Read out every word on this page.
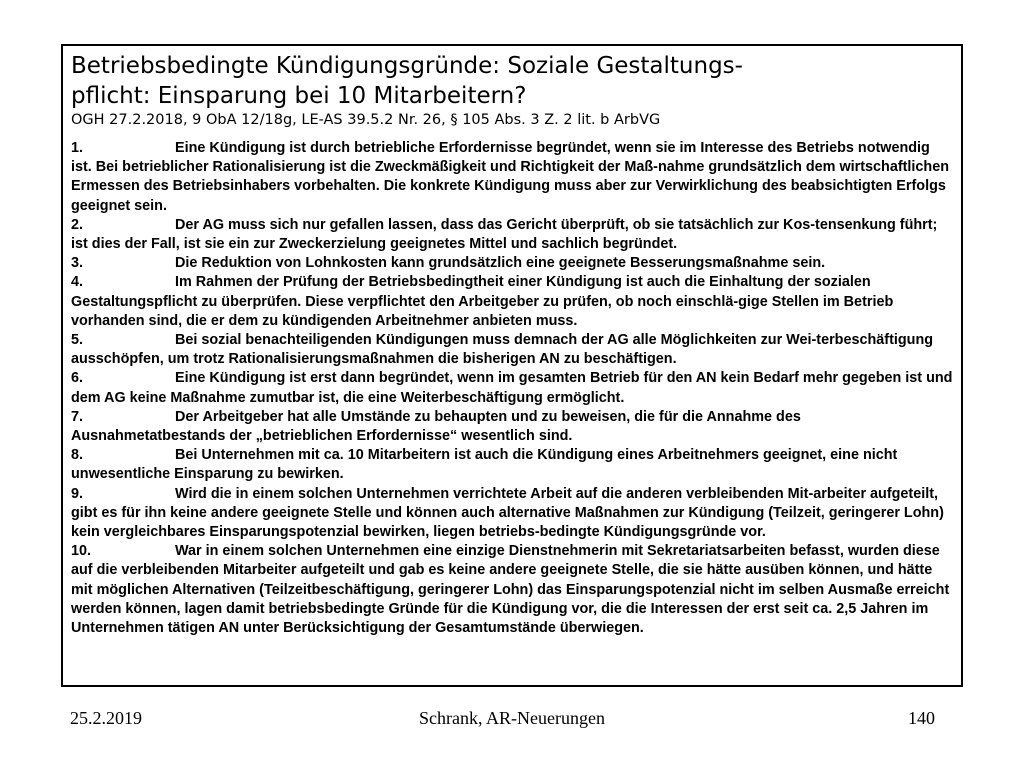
Betriebsbedingte Kündigungsgründe: Soziale Gestaltungs-
pflicht: Einsparung bei 10 Mitarbeitern?
OGH 27.2.2018, 9 ObA 12/18g, LE-AS 39.5.2 Nr. 26, § 105 Abs. 3 Z. 2 lit. b ArbVG

1.	Eine Kündigung ist durch betriebliche Erfordernisse begründet, wenn sie im Interesse des Betriebs notwendig ist. Bei betrieblicher Rationalisierung ist die Zweckmäßigkeit und Richtigkeit der Maß-nahme grundsätzlich dem wirtschaftlichen Ermessen des Betriebsinhabers vorbehalten. Die konkrete Kündigung muss aber zur Verwirklichung des beabsichtigten Erfolgs geeignet sein.

2.	Der AG muss sich nur gefallen lassen, dass das Gericht überprüft, ob sie tatsächlich zur Kos-tensenkung führt; ist dies der Fall, ist sie ein zur Zweckerzielung geeignetes Mittel und sachlich begründet.

3.	Die Reduktion von Lohnkosten kann grundsätzlich eine geeignete Besserungsmaßnahme sein.

4.	Im Rahmen der Prüfung der Betriebsbedingtheit einer Kündigung ist auch die Einhaltung der sozialen Gestaltungspflicht zu überprüfen. Diese verpflichtet den Arbeitgeber zu prüfen, ob noch einschlä-gige Stellen im Betrieb vorhanden sind, die er dem zu kündigenden Arbeitnehmer anbieten muss.

5.	Bei sozial benachteiligenden Kündigungen muss demnach der AG alle Möglichkeiten zur Wei-terbeschäftigung ausschöpfen, um trotz Rationalisierungsmaßnahmen die bisherigen AN zu beschäftigen.

6.	Eine Kündigung ist erst dann begründet, wenn im gesamten Betrieb für den AN kein Bedarf mehr gegeben ist und dem AG keine Maßnahme zumutbar ist, die eine Weiterbeschäftigung ermöglicht.

7.	Der Arbeitgeber hat alle Umstände zu behaupten und zu beweisen, die für die Annahme des Ausnahmetatbestands der „betrieblichen Erfordernisse“ wesentlich sind.

8.	Bei Unternehmen mit ca. 10 Mitarbeitern ist auch die Kündigung eines Arbeitnehmers geeignet, eine nicht unwesentliche Einsparung zu bewirken.

9.	Wird die in einem solchen Unternehmen verrichtete Arbeit auf die anderen verbleibenden Mit-arbeiter aufgeteilt, gibt es für ihn keine andere geeignete Stelle und können auch alternative Maßnahmen zur Kündigung (Teilzeit, geringerer Lohn) kein vergleichbares Einsparungspotenzial bewirken, liegen betriebs-bedingte Kündigungsgründe vor.

10.	War in einem solchen Unternehmen eine einzige Dienstnehmerin mit Sekretariatsarbeiten befasst, wurden diese auf die verbleibenden Mitarbeiter aufgeteilt und gab es keine andere geeignete Stelle, die sie hätte ausüben können, und hätte mit möglichen Alternativen (Teilzeitbeschäftigung, geringerer Lohn) das Einsparungspotenzial nicht im selben Ausmaße erreicht werden können, lagen damit betriebsbedingte Gründe für die Kündigung vor, die die Interessen der erst seit ca. 2,5 Jahren im Unternehmen tätigen AN unter Berücksichtigung der Gesamtumstände überwiegen.

25.2.2019	Schrank, AR-Neuerungen	140
